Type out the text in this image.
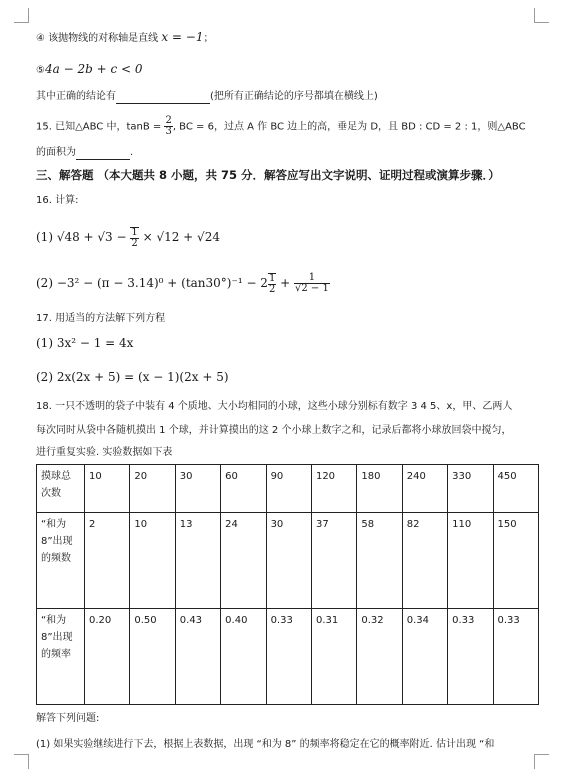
④ 该抛物线的对称轴是直线 x = −1；
⑤4a − 2b + c < 0
其中正确的结论有	(把所有正确结论的序号都填在横线上)
15. 已知△ABC 中，$\tan B = \frac{2}{3}$ , BC = 6，过点 A 作 BC 边上的高，垂足为 D，且 BD : CD = 2 : 1，则△ABC
的面积为	.
三、解答题 （本大题共 8 小题，共 75 分．解答应写出文字说明、证明过程或演算步骤．）
16. 计算:
(1) $√48 + √3 - \frac{1}{2} \times √12 + √24$
$(2) -3^2 - (\pi - 3.14)^0 + (\tan 30^\circ)^{-1} - 2 \frac{1}{2} + \frac{1}{√2 - 1}$
17. 用适当的方法解下列方程
(1) 3x² − 1 = 4x
(2) 2x(2x + 5) = (x − 1)(2x + 5)
18. 一只不透明的袋子中装有 4 个质地、大小均相同的小球，这些小球分别标有数字 3 4 5、x，甲、乙两人
每次同时从袋中各随机摸出 1 个球，并计算摸出的这 2 个小球上数字之和，记录后都将小球放回袋中搅匀，
进行重复实验. 实验数据如下表
摸球总次数	10	20	30	60	90	120	180	240	330	450
“和为8”出现的频数	2	10	13	24	30	37	58	82	110	150
“和为8”出现的频率	0.20	0.50	0.43	0.40	0.33	0.31	0.32	0.34	0.33	0.33
解答下列问题:
(1) 如果实验继续进行下去，根据上表数据，出现 “和为 8” 的频率将稳定在它的概率附近. 估计出现 “和
